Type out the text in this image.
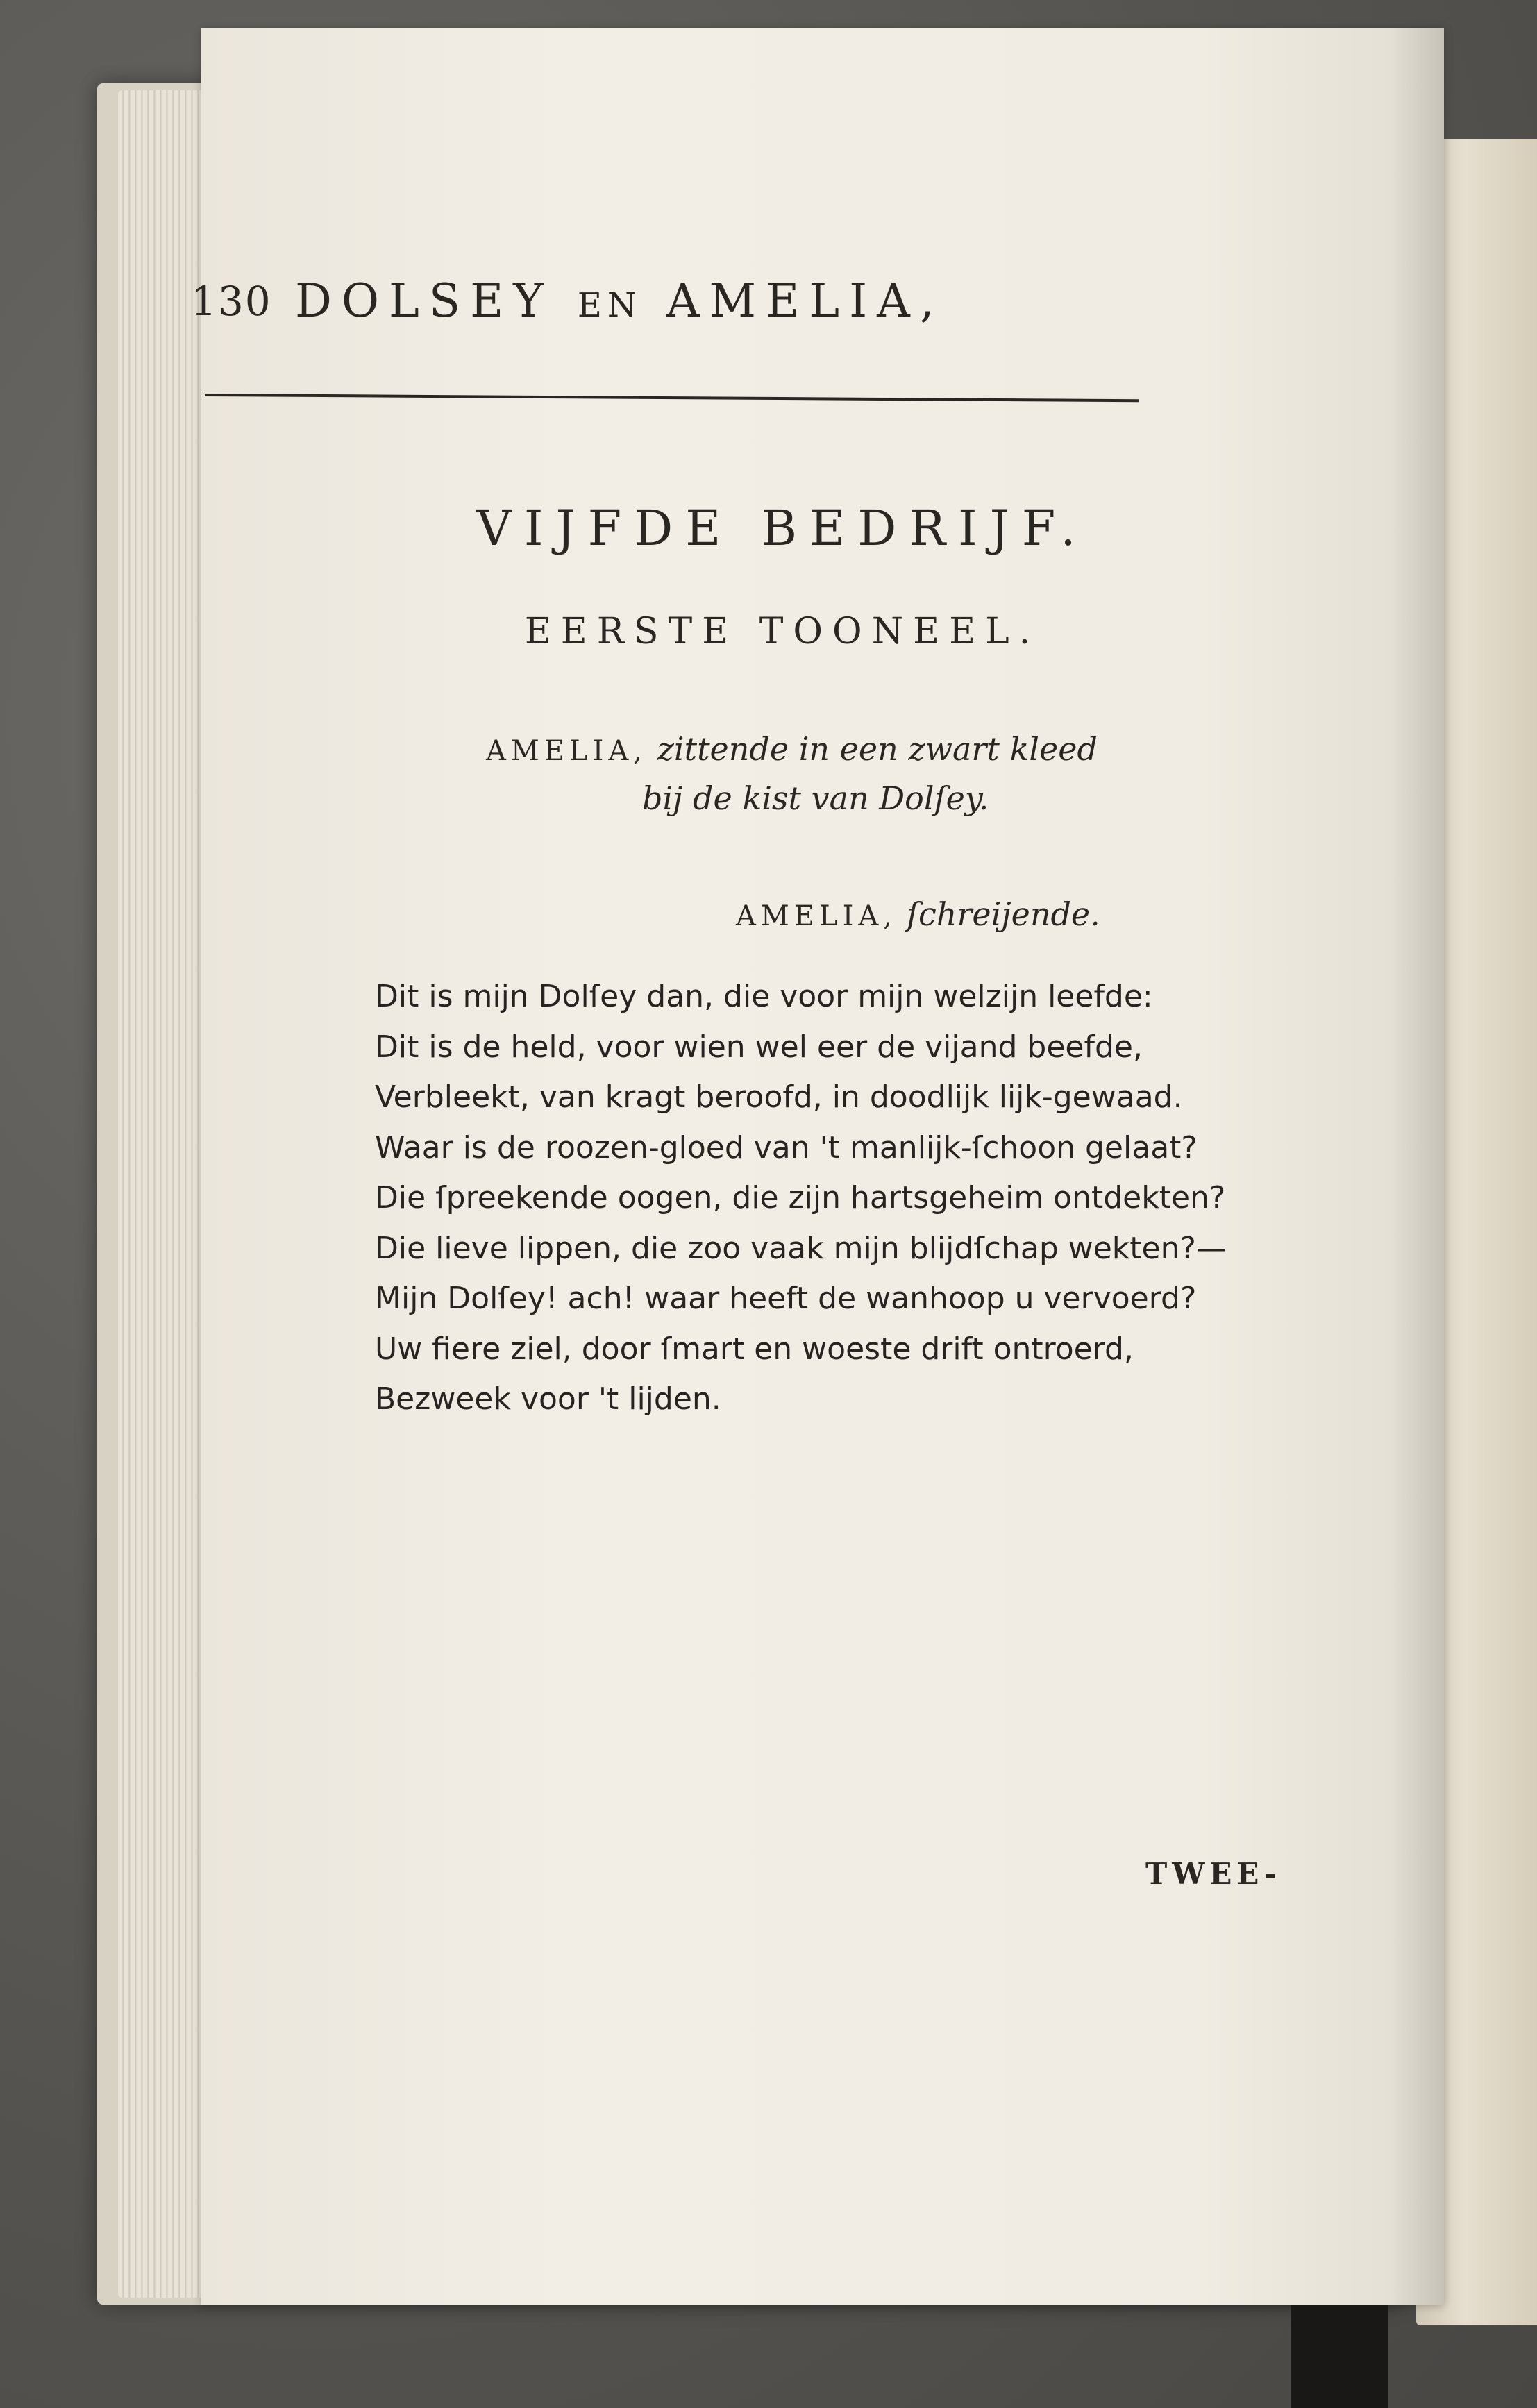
130 DOLSEY EN AMELIA,
VIJFDE BEDRIJF.
EERSTE TOONEEL.
AMELIA, zittende in een zwart kleed
bij de kist van Dolſey.
AMELIA, ſchreijende.
Dit is mijn Dolſey dan, die voor mijn welzijn leefde:
Dit is de held, voor wien wel eer de vijand beefde,
Verbleekt, van kragt beroofd, in doodlijk lijk-gewaad.
Waar is de roozen-gloed van 't manlijk-ſchoon gelaat?
Die ſpreekende oogen, die zijn hartsgeheim ontdekten?
Die lieve lippen, die zoo vaak mijn blijdſchap wekten?—
Mijn Dolſey! ach! waar heeft de wanhoop u vervoerd?
Uw fiere ziel, door ſmart en woeste drift ontroerd,
Bezweek voor 't lijden.
TWEE-
